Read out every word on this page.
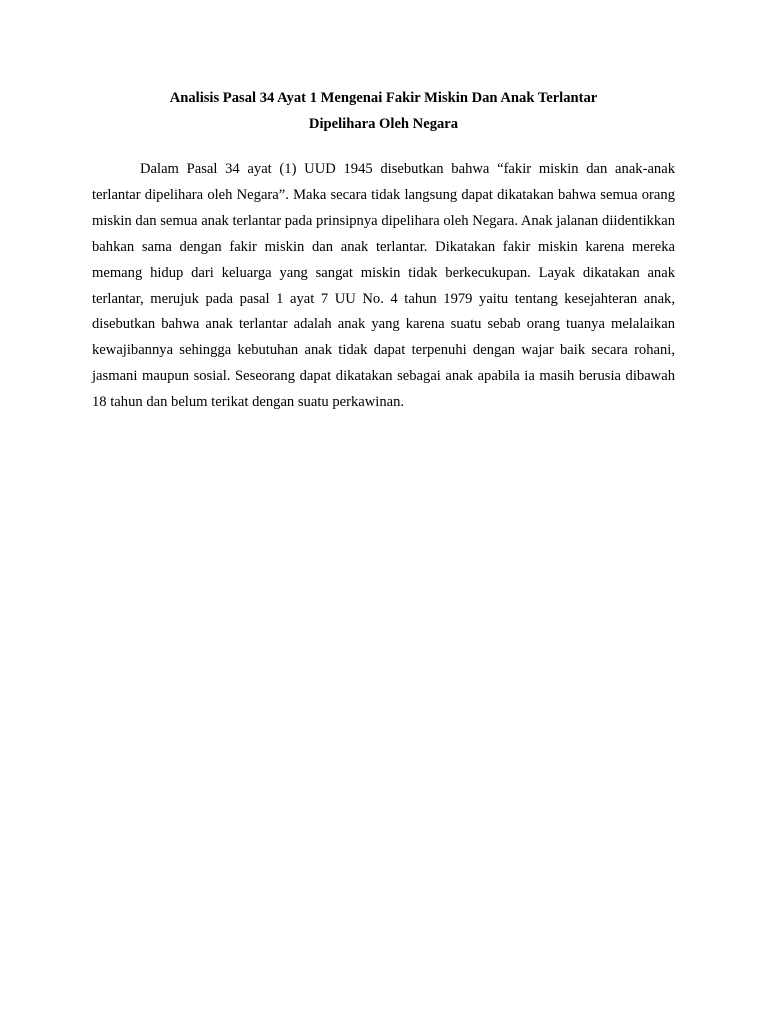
Analisis Pasal 34 Ayat 1 Mengenai Fakir Miskin Dan Anak Terlantar
Dipelihara Oleh Negara

Dalam Pasal 34 ayat (1) UUD 1945 disebutkan bahwa “fakir miskin dan anak-anak terlantar dipelihara oleh Negara”. Maka secara tidak langsung dapat dikatakan bahwa semua orang miskin dan semua anak terlantar pada prinsipnya dipelihara oleh Negara. Anak jalanan diidentikkan bahkan sama dengan fakir miskin dan anak terlantar. Dikatakan fakir miskin karena mereka memang hidup dari keluarga yang sangat miskin tidak berkecukupan. Layak dikatakan anak terlantar, merujuk pada pasal 1 ayat 7 UU No. 4 tahun 1979 yaitu tentang kesejahteran anak, disebutkan bahwa anak terlantar adalah anak yang karena suatu sebab orang tuanya melalaikan kewajibannya sehingga kebutuhan anak tidak dapat terpenuhi dengan wajar baik secara rohani, jasmani maupun sosial. Seseorang dapat dikatakan sebagai anak apabila ia masih berusia dibawah 18 tahun dan belum terikat dengan suatu perkawinan.
